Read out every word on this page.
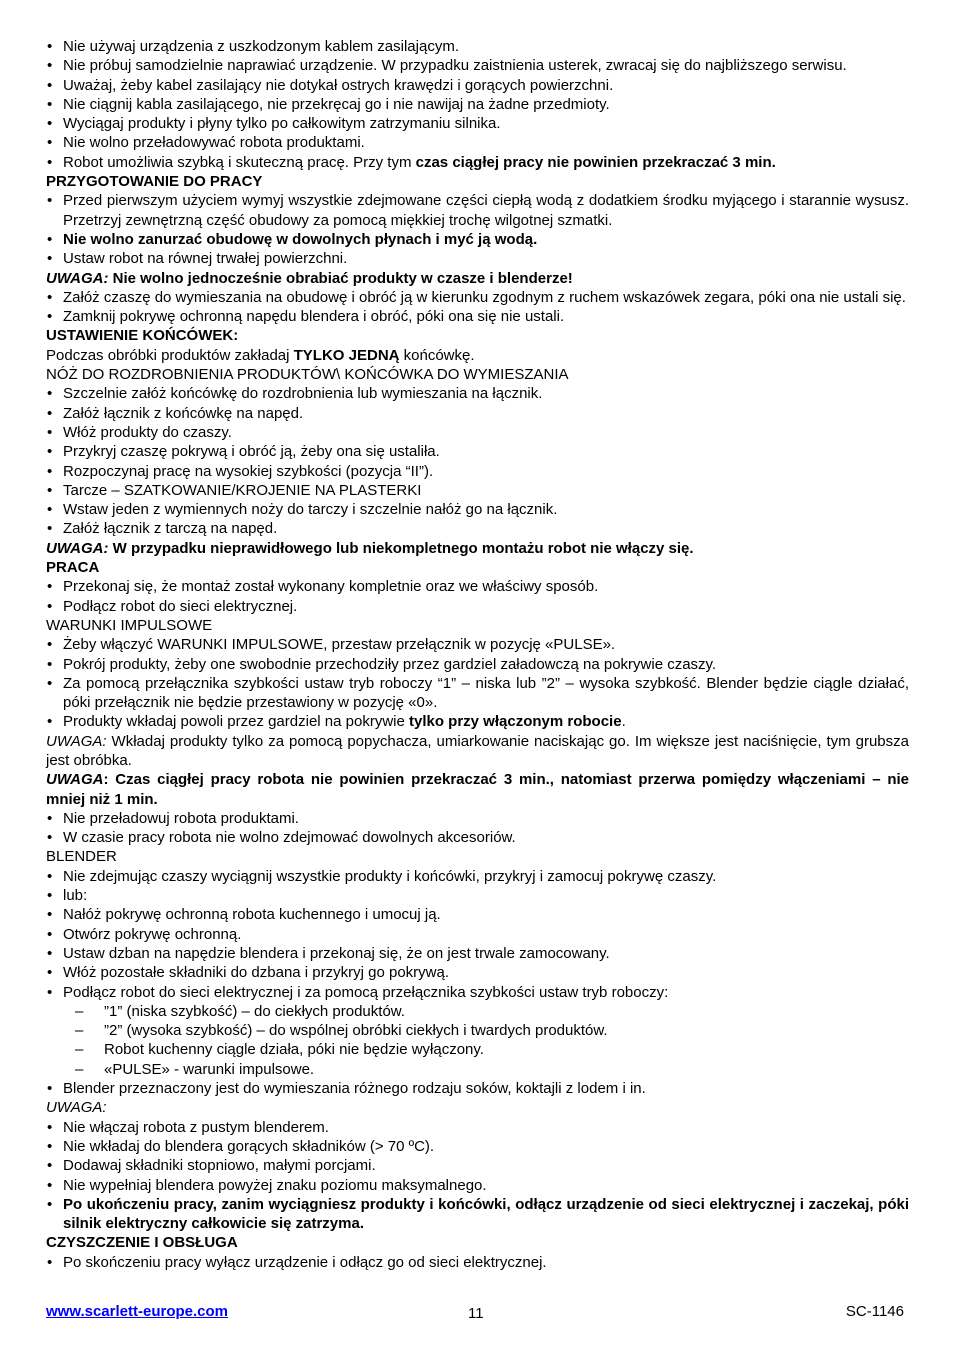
• Nie używaj urządzenia z uszkodzonym kablem zasilającym.
• Nie próbuj samodzielnie naprawiać urządzenie. W przypadku zaistnienia usterek, zwracaj się do najbliższego serwisu.
• Uważaj, żeby kabel zasilający nie dotykał ostrych krawędzi i gorących powierzchni.
• Nie ciągnij kabla zasilającego, nie przekręcaj go i nie nawijaj na żadne przedmioty.
• Wyciągaj produkty i płyny tylko po całkowitym zatrzymaniu silnika.
• Nie wolno przeładowywać robota produktami.
• Robot umożliwia szybką i skuteczną pracę. Przy tym czas ciągłej pracy nie powinien przekraczać 3 min.
PRZYGOTOWANIE DO PRACY
• Przed pierwszym użyciem wymyj wszystkie zdejmowane części ciepłą wodą z dodatkiem środku myjącego i starannie wysusz. Przetrzyj zewnętrzną część obudowy za pomocą miękkiej trochę wilgotnej szmatki.
• Nie wolno zanurzać obudowę w dowolnych płynach i myć ją wodą.
• Ustaw robot na równej trwałej powierzchni.
UWAGA: Nie wolno jednocześnie obrabiać produkty w czasze i blenderze!
• Załóż czaszę do wymieszania na obudowę i obróć ją w kierunku zgodnym z ruchem wskazówek zegara, póki ona nie ustali się.
• Zamknij pokrywę ochronną napędu blendera i obróć, póki ona się nie ustali.
USTAWIENIE KOŃCÓWEK:
Podczas obróbki produktów zakładaj TYLKO JEDNĄ końcówkę.
NÓŻ DO ROZDROBNIENIA PRODUKTÓW\ KOŃCÓWKA DO WYMIESZANIA
• Szczelnie załóż końcówkę do rozdrobnienia lub wymieszania na łącznik.
• Załóż łącznik z końcówkę na napęd.
• Włóż produkty do czaszy.
• Przykryj czaszę pokrywą i obróć ją, żeby ona się ustaliła.
• Rozpoczynaj pracę na wysokiej szybkości (pozycja “II”).
• Tarcze – SZATKOWANIE/KROJENIE NA PLASTERKI
• Wstaw jeden z wymiennych noży do tarczy i szczelnie nałóż go na łącznik.
• Załóż łącznik z tarczą na napęd.
UWAGA: W przypadku nieprawidłowego lub niekompletnego montażu robot nie włączy się.
PRACA
• Przekonaj się, że montaż został wykonany kompletnie oraz we właściwy sposób.
• Podłącz robot do sieci elektrycznej.
WARUNKI IMPULSOWE
• Żeby włączyć WARUNKI IMPULSOWE, przestaw przełącznik w pozycję «PULSE».
• Pokrój produkty, żeby one swobodnie przechodziły przez gardziel załadowczą na pokrywie czaszy.
• Za pomocą przełącznika szybkości ustaw tryb roboczy “1” – niska lub ”2” – wysoka szybkość. Blender będzie ciągle działać, póki przełącznik nie będzie przestawiony w pozycję «0».
• Produkty wkładaj powoli przez gardziel na pokrywie tylko przy włączonym robocie.
UWAGA: Wkładaj produkty tylko za pomocą popychacza, umiarkowanie naciskając go. Im większe jest naciśnięcie, tym grubsza jest obróbka.
UWAGA: Czas ciągłej pracy robota nie powinien przekraczać 3 min., natomiast przerwa pomiędzy włączeniami – nie mniej niż 1 min.
• Nie przeładowuj robota produktami.
• W czasie pracy robota nie wolno zdejmować dowolnych akcesoriów.
BLENDER
• Nie zdejmując czaszy wyciągnij wszystkie produkty i końcówki, przykryj i zamocuj pokrywę czaszy.
• lub:
• Nałóż pokrywę ochronną robota kuchennego i umocuj ją.
• Otwórz pokrywę ochronną.
• Ustaw dzban na napędzie blendera i przekonaj się, że on jest trwale zamocowany.
• Włóż pozostałe składniki do dzbana i przykryj go pokrywą.
• Podłącz robot do sieci elektrycznej i za pomocą przełącznika szybkości ustaw tryb roboczy:
– ”1” (niska szybkość) – do ciekłych produktów.
– ”2” (wysoka szybkość) – do wspólnej obróbki ciekłych i twardych produktów.
– Robot kuchenny ciągle działa, póki nie będzie wyłączony.
– «PULSE» - warunki impulsowe.
• Blender przeznaczony jest do wymieszania różnego rodzaju soków, koktajli z lodem i in.
UWAGA:
• Nie włączaj robota z pustym blenderem.
• Nie wkładaj do blendera gorących składników (> 70 ºC).
• Dodawaj składniki stopniowo, małymi porcjami.
• Nie wypełniaj blendera powyżej znaku poziomu maksymalnego.
• Po ukończeniu pracy, zanim wyciągniesz produkty i końcówki, odłącz urządzenie od sieci elektrycznej i zaczekaj, póki silnik elektryczny całkowicie się zatrzyma.
CZYSZCZENIE I OBSŁUGA
• Po skończeniu pracy wyłącz urządzenie i odłącz go od sieci elektrycznej.
www.scarlett-europe.com	11	SC-1146
